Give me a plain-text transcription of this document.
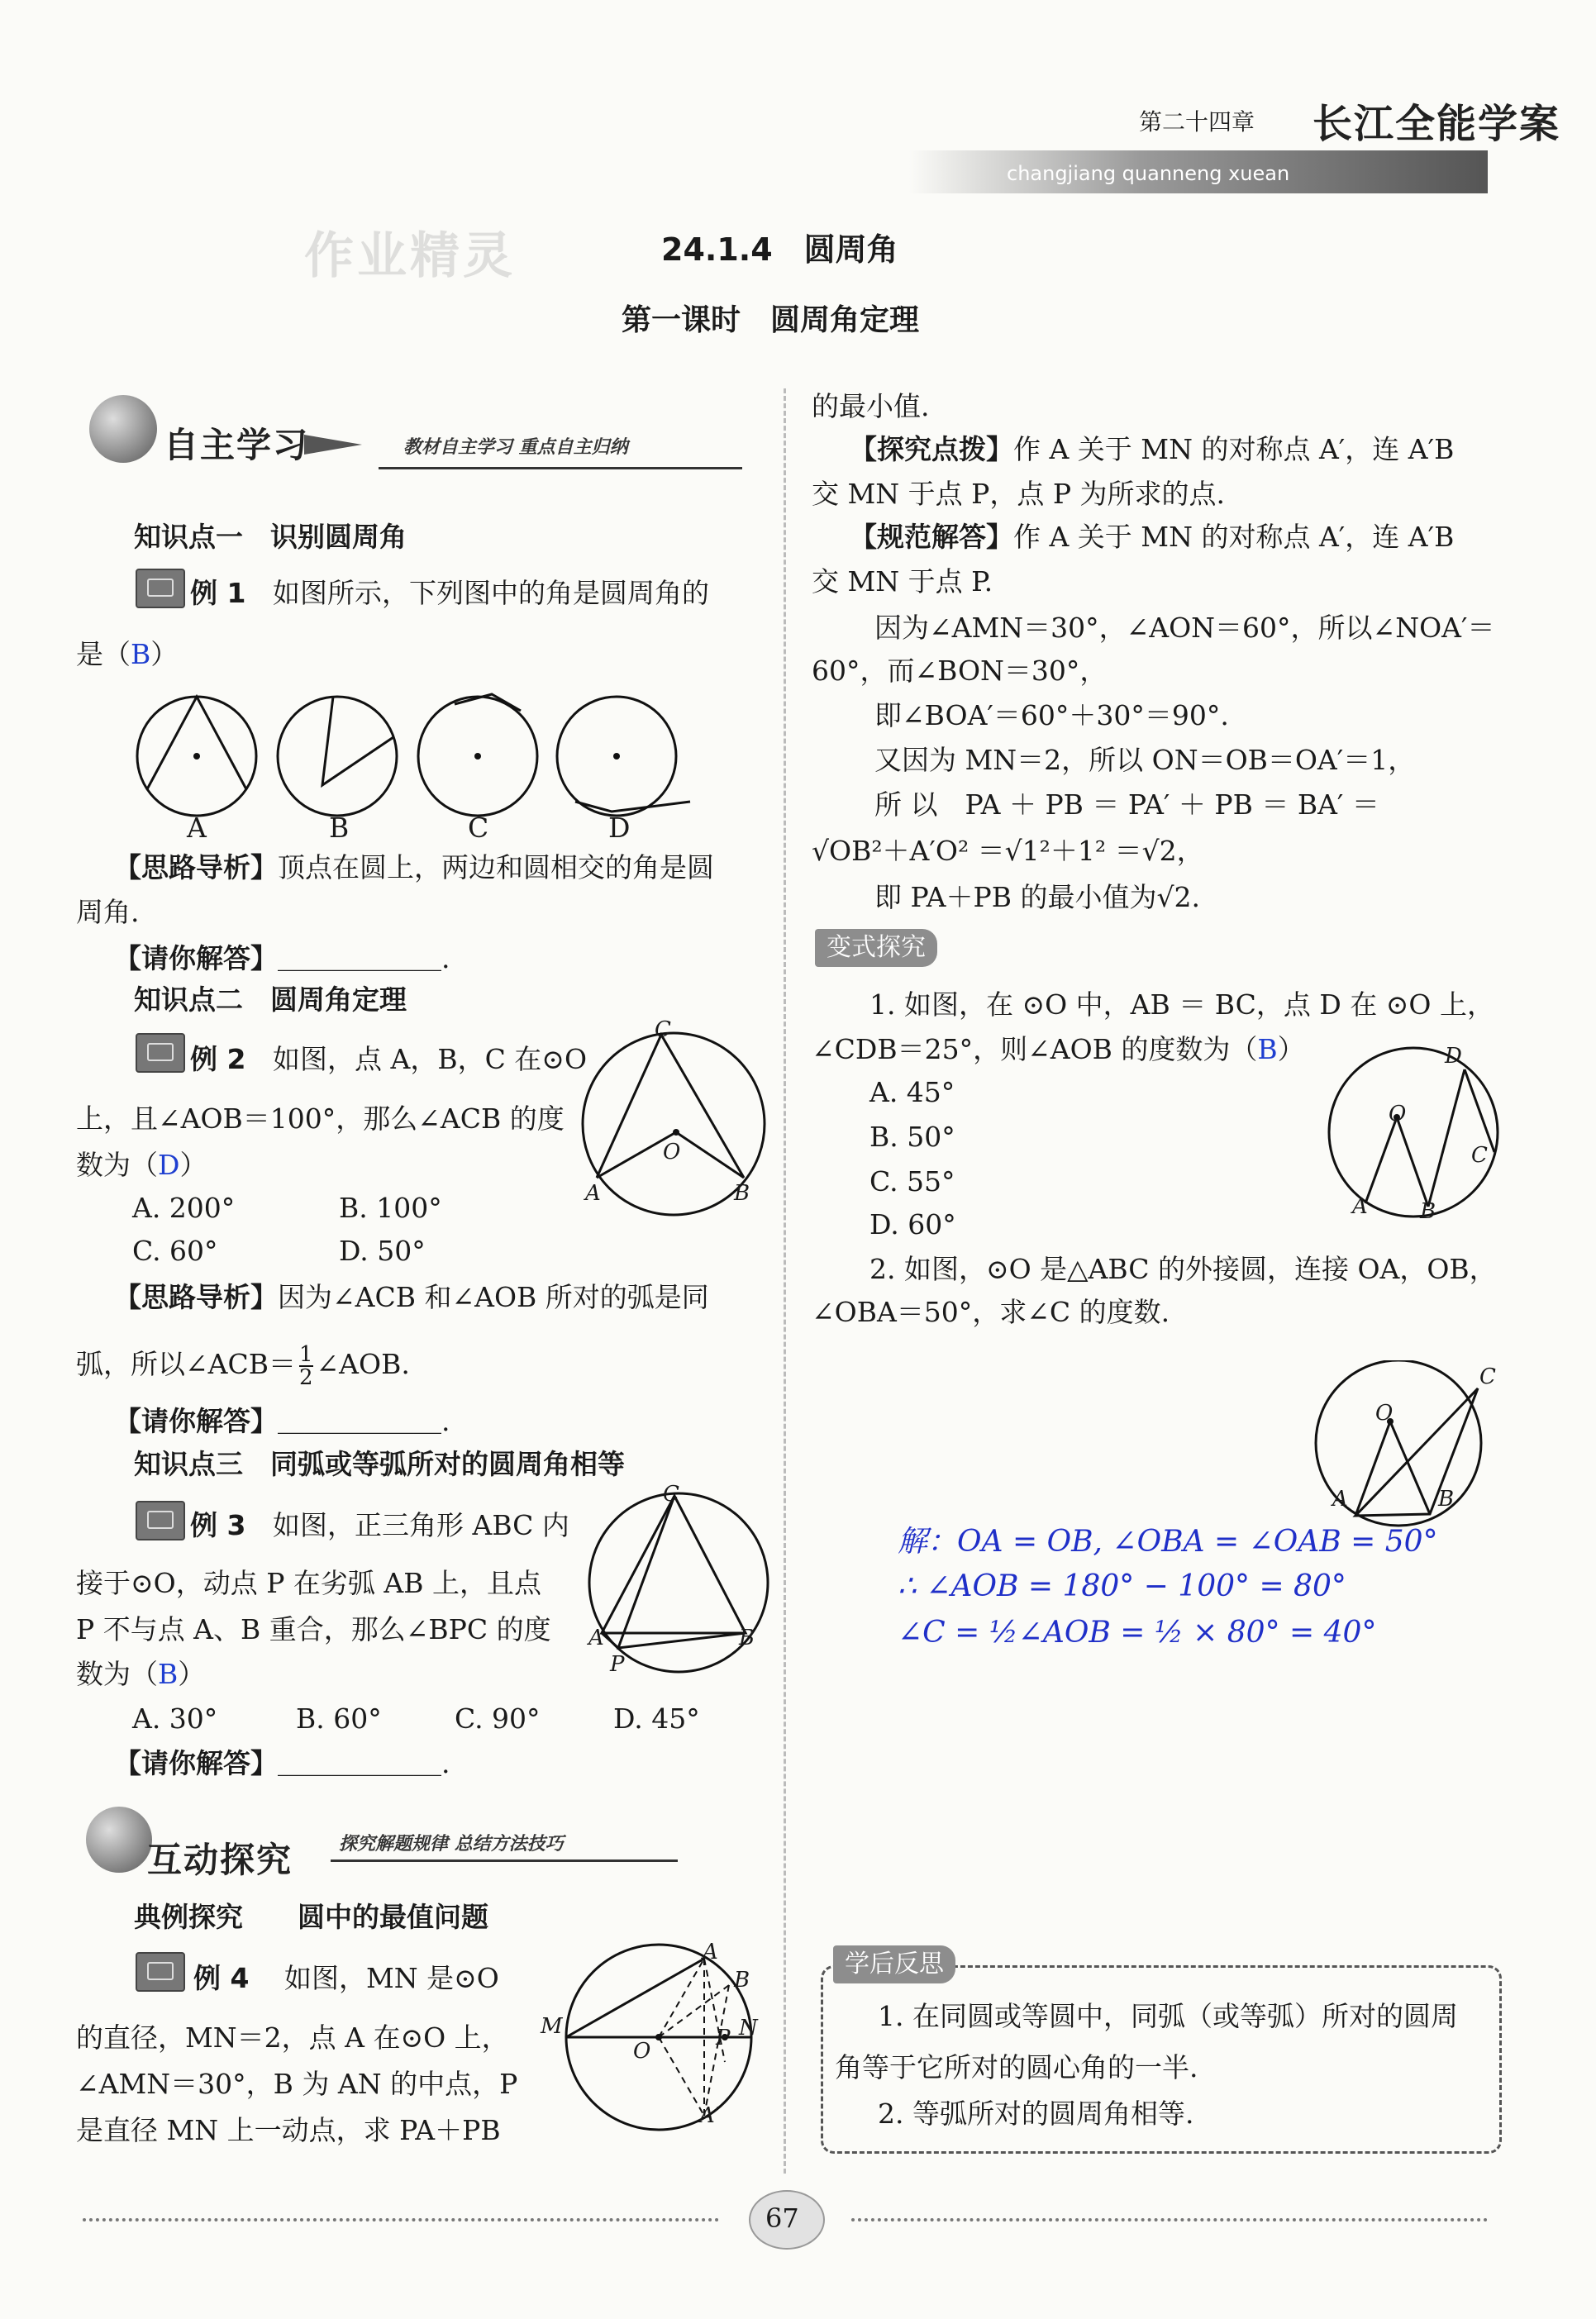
第二十四章
changjiang quanneng xuean
长江全能学案
作业精灵	24.1.4　圆周角
第一课时　圆周角定理
自主学习	教材自主学习 重点自主归纳
知识点一　识别圆周角
例 1 如图所示，下列图中的角是圆周角的
是（B）
A	B	C	D
【思路导析】顶点在圆上，两边和圆相交的角是圆
周角.
【请你解答】＿＿＿＿＿＿.
知识点二　圆周角定理
例 2 如图，点 A，B，C 在⊙O
上，且∠AOB＝100°，那么∠ACB 的度
数为（D）
A. 200°	B. 100°
C. 60°	D. 50°
C
O
A	B
【思路导析】因为∠ACB 和∠AOB 所对的弧是同
弧，所以∠ACB＝ $\frac{1}{2}$ ∠AOB.
【请你解答】＿＿＿＿＿＿.
知识点三　同弧或等弧所对的圆周角相等
例 3 如图，正三角形 ABC 内
接于⊙O，动点 P 在劣弧 AB 上，且点
P 不与点 A、B 重合，那么∠BPC 的度
数为（B）
A. 30°	B. 60°	C. 90°	D. 45°
C
A	B
P
【请你解答】＿＿＿＿＿＿.
互动探究	探究解题规律 总结方法技巧
典例探究　　圆中的最值问题
例 4 如图，MN 是⊙O
的直径，MN＝2，点 A 在⊙O 上，
∠AMN＝30°，B 为 AN 的中点，P
是直径 MN 上一动点，求 PA＋PB
A
B
M
O
P N
A′
的最小值.
【探究点拨】作 A 关于 MN 的对称点 A′，连 A′B
交 MN 于点 P，点 P 为所求的点.
【规范解答】作 A 关于 MN 的对称点 A′，连 A′B
交 MN 于点 P.
因为∠AMN＝30°，∠AON＝60°，所以∠NOA′＝
60°，而∠BON＝30°，
即∠BOA′＝60°＋30°＝90°.
又因为 MN＝2，所以 ON＝OB＝OA′＝1，
所 以　PA ＋ PB ＝ PA′ ＋ PB ＝ BA′ ＝
√OB²＋A′O² ＝√1²＋1² ＝√2，
即 PA＋PB 的最小值为√2.
变式探究
1. 如图，在 ⊙O 中，AB ＝ BC，点 D 在 ⊙O 上，
∠CDB＝25°，则∠AOB 的度数为（B）
A. 45°
B. 50°
C. 55°
D. 60°
D
O
C
A B
2. 如图，⊙O 是△ABC 的外接圆，连接 OA，OB，
∠OBA＝50°，求∠C 的度数.
C
O
A	B
解：OA = OB, ∠OBA = ∠OAB = 50°
∴ ∠AOB = 180° − 100° = 80°
∠C = ½∠AOB = ½ × 80° = 40°
学后反思
1. 在同圆或等圆中，同弧（或等弧）所对的圆周
角等于它所对的圆心角的一半.
2. 等弧所对的圆周角相等.
67
